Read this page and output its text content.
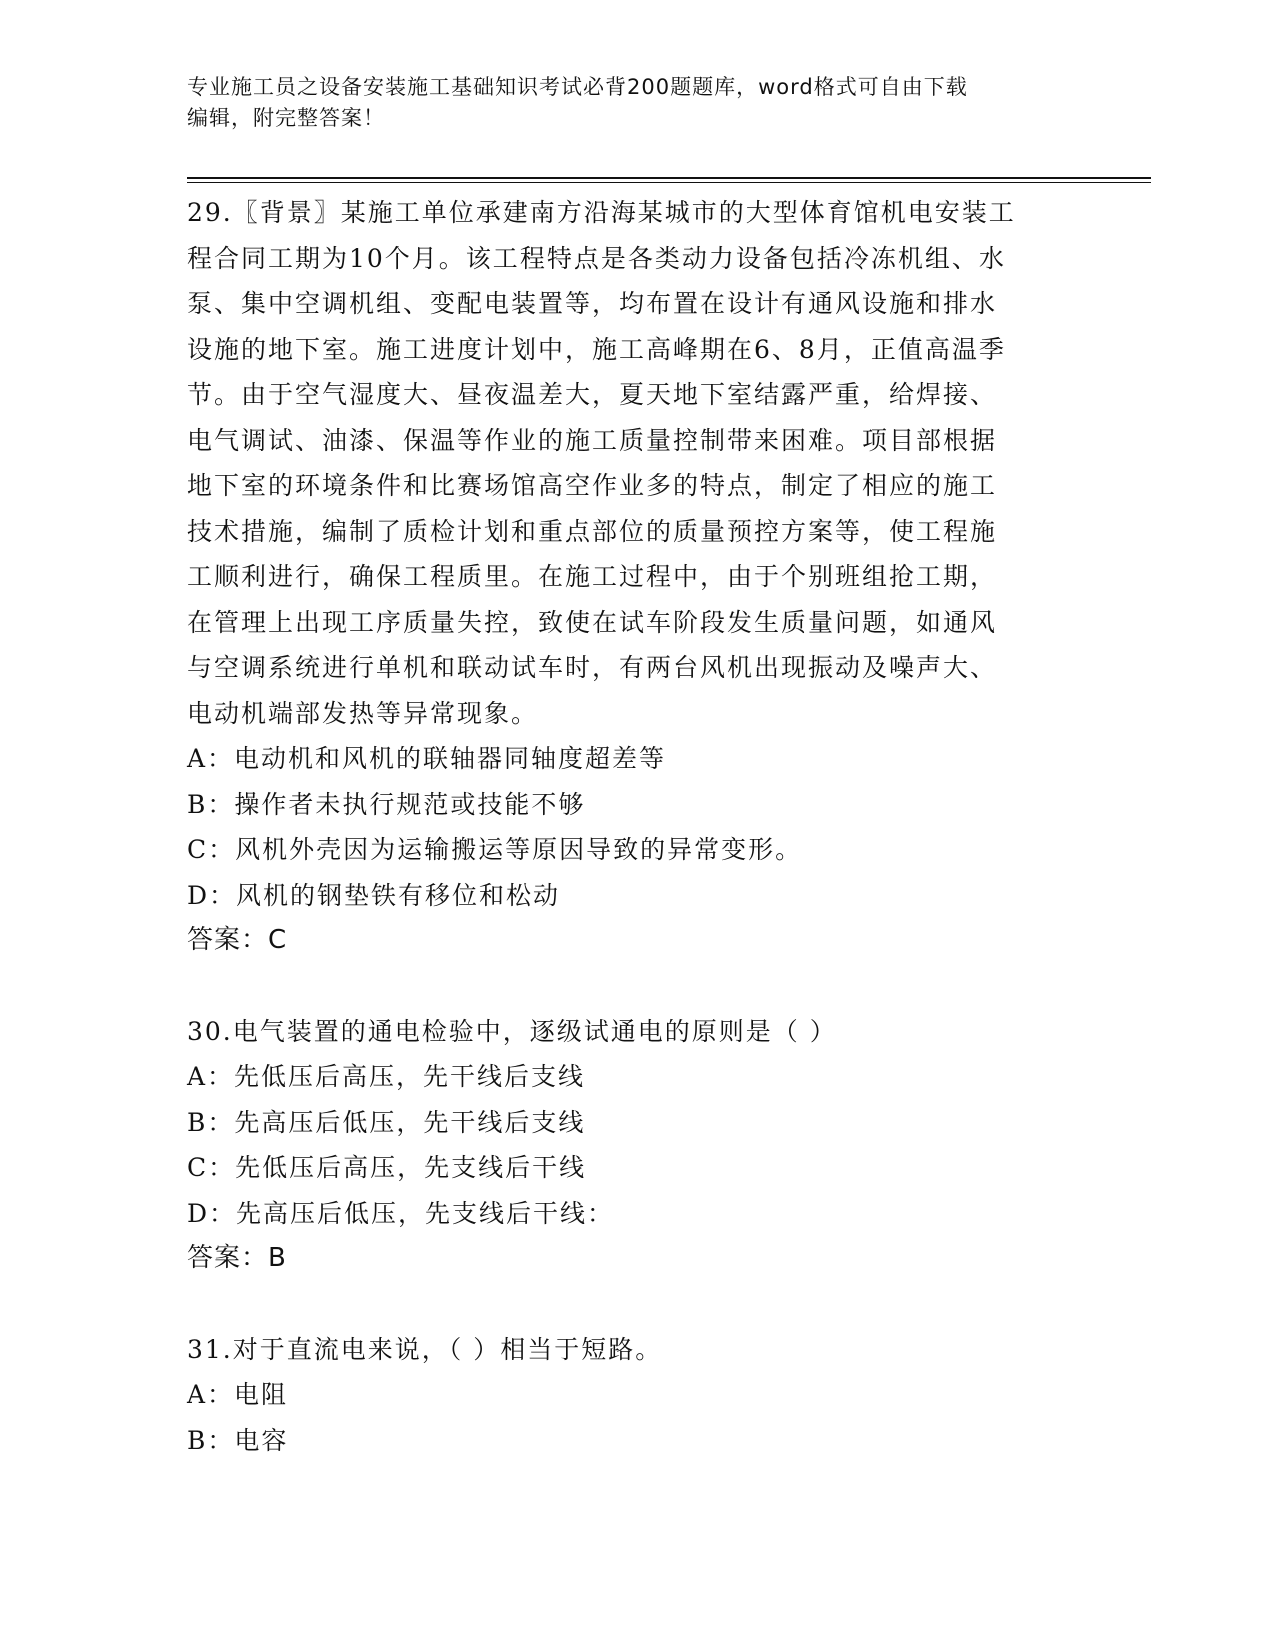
专业施工员之设备安装施工基础知识考试必背200题题库，word格式可自由下载
编辑，附完整答案！

29.〖背景〗某施工单位承建南方沿海某城市的大型体育馆机电安装工

程合同工期为10个月。该工程特点是各类动力设备包括冷冻机组、水

泵、集中空调机组、变配电装置等，均布置在设计有通风设施和排水

设施的地下室。施工进度计划中，施工高峰期在6、8月，正值高温季

节。由于空气湿度大、昼夜温差大，夏天地下室结露严重，给焊接、

电气调试、油漆、保温等作业的施工质量控制带来困难。项目部根据

地下室的环境条件和比赛场馆高空作业多的特点，制定了相应的施工

技术措施，编制了质检计划和重点部位的质量预控方案等，使工程施

工顺利进行，确保工程质里。在施工过程中，由于个别班组抢工期，

在管理上出现工序质量失控，致使在试车阶段发生质量问题，如通风

与空调系统进行单机和联动试车时，有两台风机出现振动及噪声大、

电动机端部发热等异常现象。

A：电动机和风机的联轴器同轴度超差等

B：操作者未执行规范或技能不够

C：风机外壳因为运输搬运等原因导致的异常变形。

D：风机的钢垫铁有移位和松动

答案：C

30.电气装置的通电检验中，逐级试通电的原则是（ ）

A：先低压后高压，先干线后支线

B：先高压后低压，先干线后支线

C：先低压后高压，先支线后干线

D：先高压后低压，先支线后干线：

答案：B

31.对于直流电来说，（ ）相当于短路。

A：电阻

B：电容
